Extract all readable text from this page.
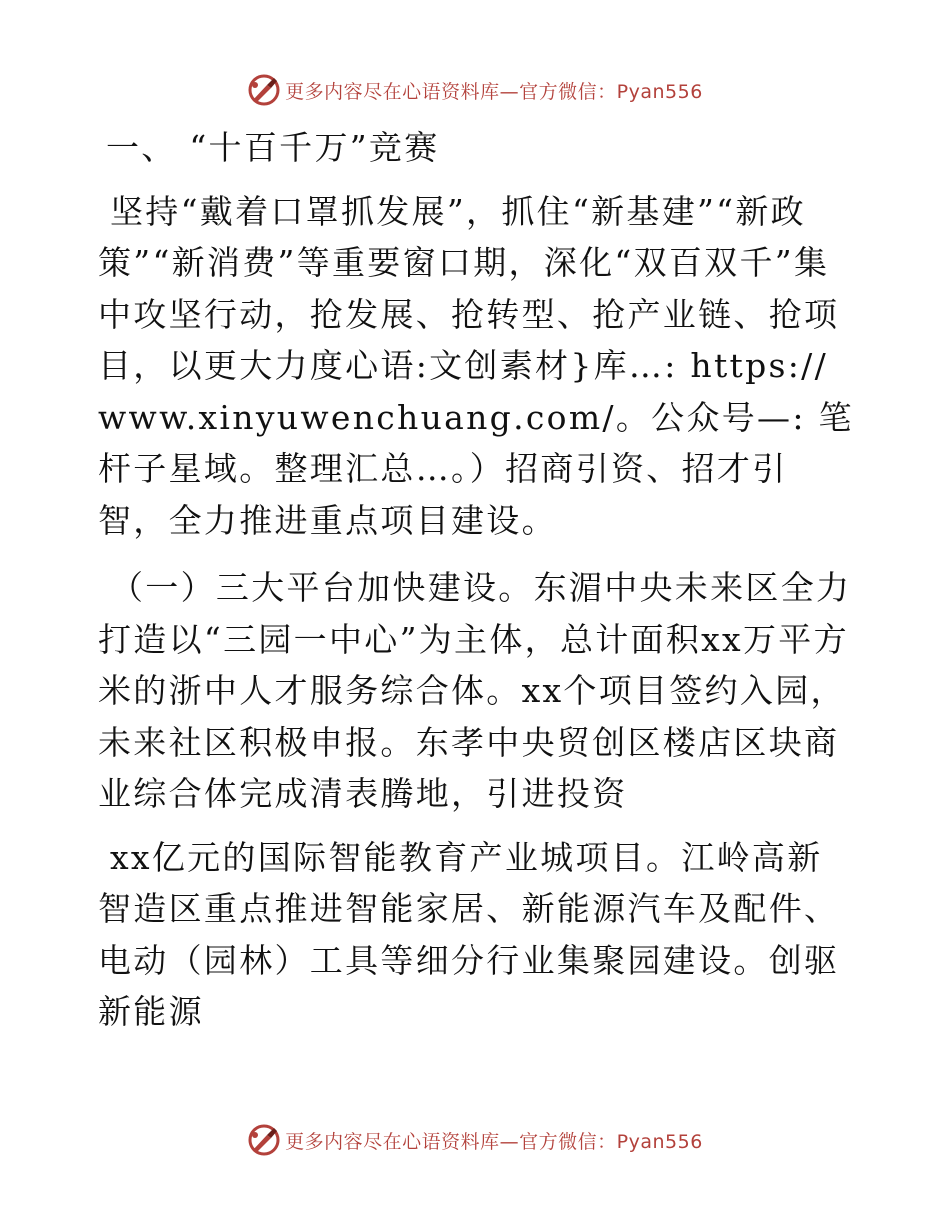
更多内容尽在心语资料库—官方微信：Pyan556

一、 “十百千万”竞赛

坚持“戴着口罩抓发展”，抓住“新基建”“新政策”“新消费”等重要窗口期，深化“双百双千”集中攻坚行动，抢发展、抢转型、抢产业链、抢项目，以更大力度心语:文创素材}库…: https://www.xinyuwenchuang.com/。公众号—: 笔杆子星域。整理汇总…。）招商引资、招才引智，全力推进重点项目建设。

（一）三大平台加快建设。东湄中央未来区全力打造以“三园一中心”为主体，总计面积xx万平方米的浙中人才服务综合体。xx个项目签约入园，未来社区积极申报。东孝中央贸创区楼店区块商业综合体完成清表腾地，引进投资

xx亿元的国际智能教育产业城项目。江岭高新智造区重点推进智能家居、新能源汽车及配件、电动（园林）工具等细分行业集聚园建设。创驱新能源

更多内容尽在心语资料库—官方微信：Pyan556
